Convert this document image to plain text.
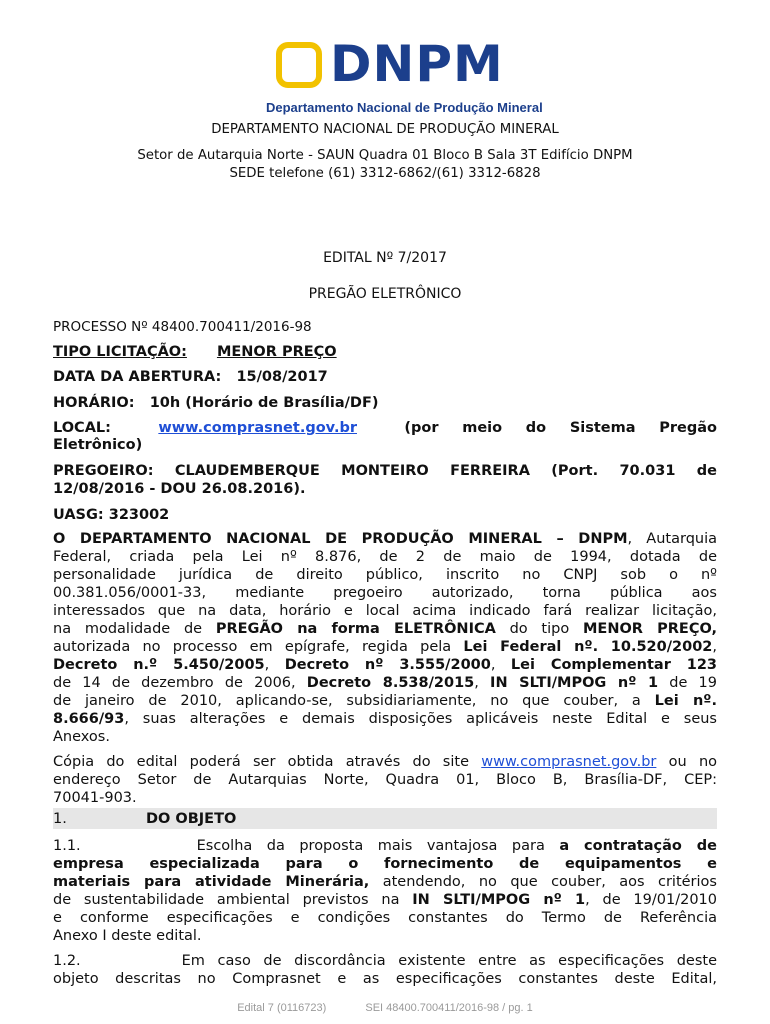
DNPM
Departamento Nacional de Produção Mineral
DEPARTAMENTO NACIONAL DE PRODUÇÃO MINERAL
Setor de Autarquia Norte - SAUN Quadra 01 Bloco B Sala 3T Edifício DNPM
SEDE telefone (61) 3312-6862/(61) 3312-6828
EDITAL Nº 7/2017
PREGÃO ELETRÔNICO
PROCESSO Nº 48400.700411/2016-98
TIPO LICITAÇÃO: MENOR PREÇO
DATA DA ABERTURA: 15/08/2017
HORÁRIO: 10h (Horário de Brasília/DF)
LOCAL:	www.comprasnet.gov.br	(por meio do Sistema Pregão
Eletrônico)
PREGOEIRO: CLAUDEMBERQUE MONTEIRO FERREIRA (Port. 70.031 de
12/08/2016 - DOU 26.08.2016).
UASG: 323002
O DEPARTAMENTO NACIONAL DE PRODUÇÃO MINERAL – DNPM, Autarquia
Federal, criada pela Lei nº 8.876, de 2 de maio de 1994, dotada de
personalidade jurídica de direito público, inscrito no CNPJ sob o nº
00.381.056/0001-33, mediante pregoeiro autorizado, torna pública aos
interessados que na data, horário e local acima indicado fará realizar licitação,
na modalidade de PREGÃO na forma ELETRÔNICA do tipo MENOR PREÇO,
autorizada no processo em epígrafe, regida pela Lei Federal nº. 10.520/2002,
Decreto n.º 5.450/2005, Decreto nº 3.555/2000, Lei Complementar 123
de 14 de dezembro de 2006, Decreto 8.538/2015, IN SLTI/MPOG nº 1 de 19
de janeiro de 2010, aplicando-se, subsidiariamente, no que couber, a Lei nº.
8.666/93, suas alterações e demais disposições aplicáveis neste Edital e seus
Anexos.
Cópia do edital poderá ser obtida através do site www.comprasnet.gov.br ou no
endereço Setor de Autarquias Norte, Quadra 01, Bloco B, Brasília-DF, CEP:
70041-903.
1.	DO OBJETO
1.1.        Escolha da proposta mais vantajosa para a contratação de
empresa especializada para o fornecimento de equipamentos e
materiais para atividade Minerária, atendendo, no que couber, aos critérios
de sustentabilidade ambiental previstos na IN SLTI/MPOG nº 1, de 19/01/2010
e conforme especificações e condições constantes do Termo de Referência
Anexo I deste edital.
1.2.        Em caso de discordância existente entre as especificações deste
objeto descritas no Comprasnet e as especificações constantes deste Edital,
Edital 7 (0116723)	SEI 48400.700411/2016-98 / pg. 1
